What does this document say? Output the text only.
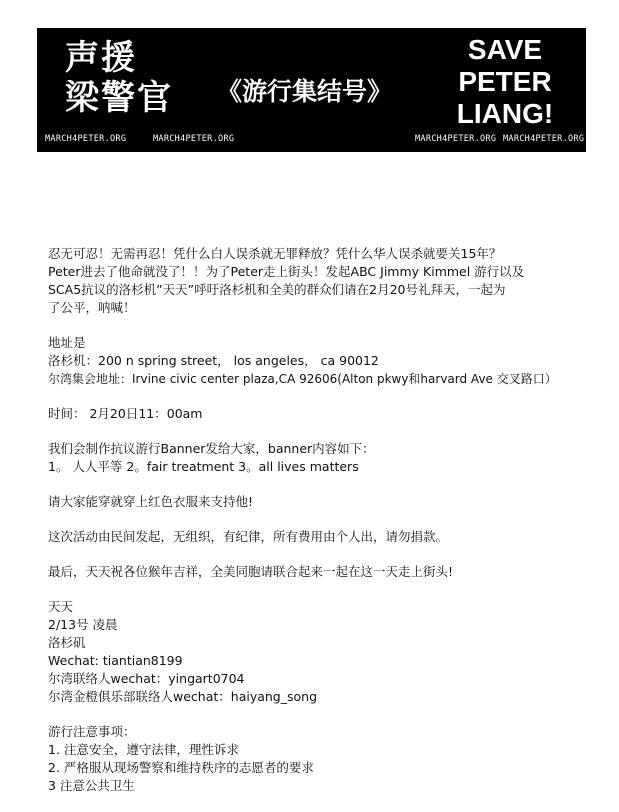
声援
梁警官 《游行集结号》
SAVE
PETER
LIANG!
MARCH4PETER.ORG	MARCH4PETER.ORG	MARCH4PETER.ORG MARCH4PETER.ORG

忍无可忍！无需再忍！凭什么白人误杀就无罪释放？凭什么华人误杀就要关15年？
Peter进去了他命就没了！！为了Peter走上街头！发起ABC Jimmy Kimmel 游行以及
SCA5抗议的洛杉机”天天”呼吁洛杉机和全美的群众们请在2月20号礼拜天，一起为
了公平，呐喊！

地址是
洛杉机：200 n spring street， los angeles， ca 90012
尔湾集会地址：Irvine civic center plaza,CA 92606(Alton pkwy和harvard Ave 交叉路口）

时间： 2月20日11：00am

我们会制作抗议游行Banner发给大家，banner内容如下：
1。 人人平等 2。fair treatment 3。all lives matters

请大家能穿就穿上红色衣服来支持他!

这次活动由民间发起，无组织，有纪律，所有费用由个人出，请勿捐款。

最后，天天祝各位猴年吉祥，全美同胞请联合起来一起在这一天走上街头!

天天
2/13号 凌晨
洛杉矶
Wechat: tiantian8199
尔湾联络人wechat：yingart0704
尔湾金橙俱乐部联络人wechat：haiyang_song

游行注意事项：
1. 注意安全，遵守法律，理性诉求
2. 严格服从现场警察和维持秩序的志愿者的要求
3 注意公共卫生
